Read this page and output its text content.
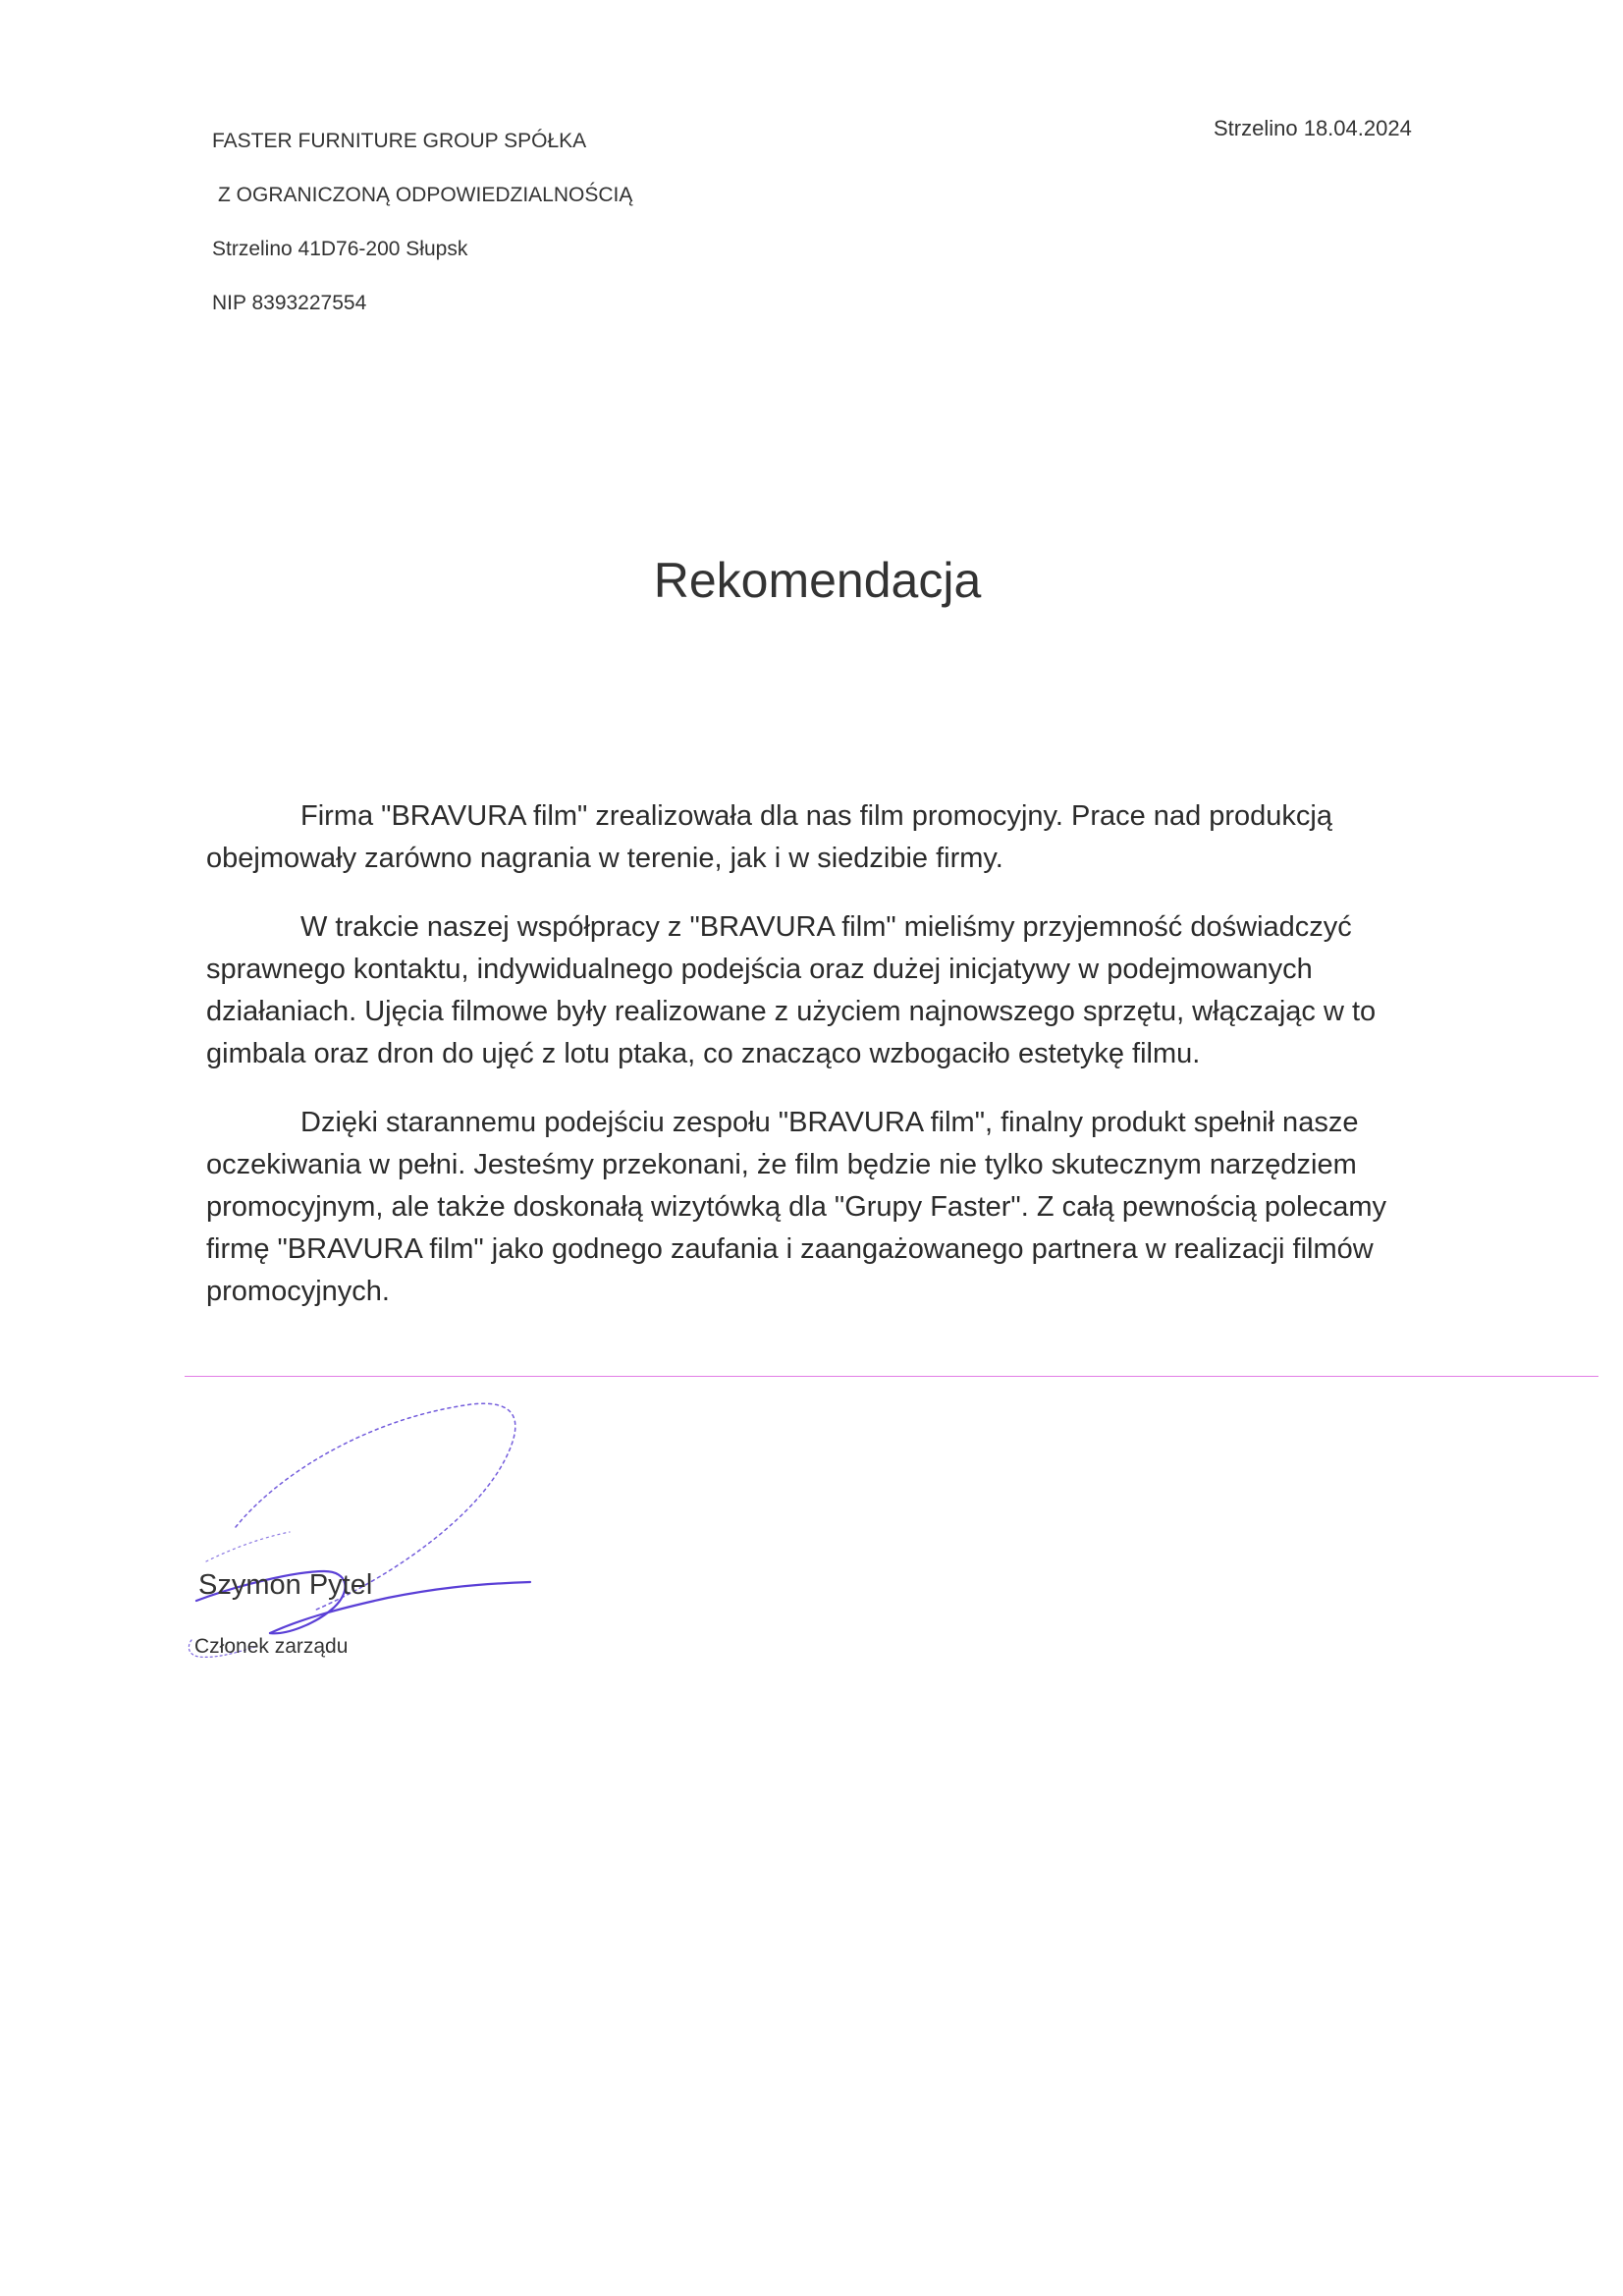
FASTER FURNITURE GROUP SPÓŁKA
Z OGRANICZONĄ ODPOWIEDZIALNOŚCIĄ
Strzelino 41D76-200 Słupsk
NIP 8393227554
Strzelino 18.04.2024
Rekomendacja

Firma "BRAVURA film" zrealizowała dla nas film promocyjny. Prace nad produkcją obejmowały zarówno nagrania w terenie, jak i w siedzibie firmy.

W trakcie naszej współpracy z "BRAVURA film" mieliśmy przyjemność doświadczyć sprawnego kontaktu, indywidualnego podejścia oraz dużej inicjatywy w podejmowanych działaniach. Ujęcia filmowe były realizowane z użyciem najnowszego sprzętu, włączając w to gimbala oraz dron do ujęć z lotu ptaka, co znacząco wzbogaciło estetykę filmu.

Dzięki starannemu podejściu zespołu "BRAVURA film", finalny produkt spełnił nasze oczekiwania w pełni. Jesteśmy przekonani, że film będzie nie tylko skutecznym narzędziem promocyjnym, ale także doskonałą wizytówką dla "Grupy Faster". Z całą pewnością polecamy firmę "BRAVURA film" jako godnego zaufania i zaangażowanego partnera w realizacji filmów promocyjnych.

Szymon Pytel
Członek zarządu
